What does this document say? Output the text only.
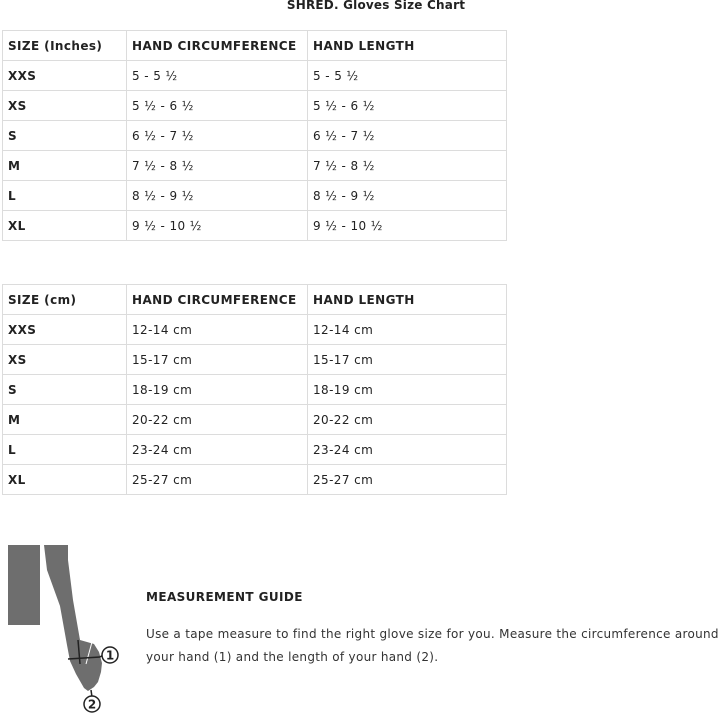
SHRED. Gloves Size Chart
SIZE (Inches)	HAND CIRCUMFERENCE	HAND LENGTH
XXS	5 - 5 ½	5 - 5 ½
XS	5 ½ - 6 ½	5 ½ - 6 ½
S	6 ½ - 7 ½	6 ½ - 7 ½
M	7 ½ - 8 ½	7 ½ - 8 ½
L	8 ½ - 9 ½	8 ½ - 9 ½
XL	9 ½ - 10 ½	9 ½ - 10 ½
SIZE (cm)	HAND CIRCUMFERENCE	HAND LENGTH
XXS	12-14 cm	12-14 cm
XS	15-17 cm	15-17 cm
S	18-19 cm	18-19 cm
M	20-22 cm	20-22 cm
L	23-24 cm	23-24 cm
XL	25-27 cm	25-27 cm
1
2
MEASUREMENT GUIDE

Use a tape measure to find the right glove size for you. Measure the circumference around your hand (1) and the length of your hand (2).
